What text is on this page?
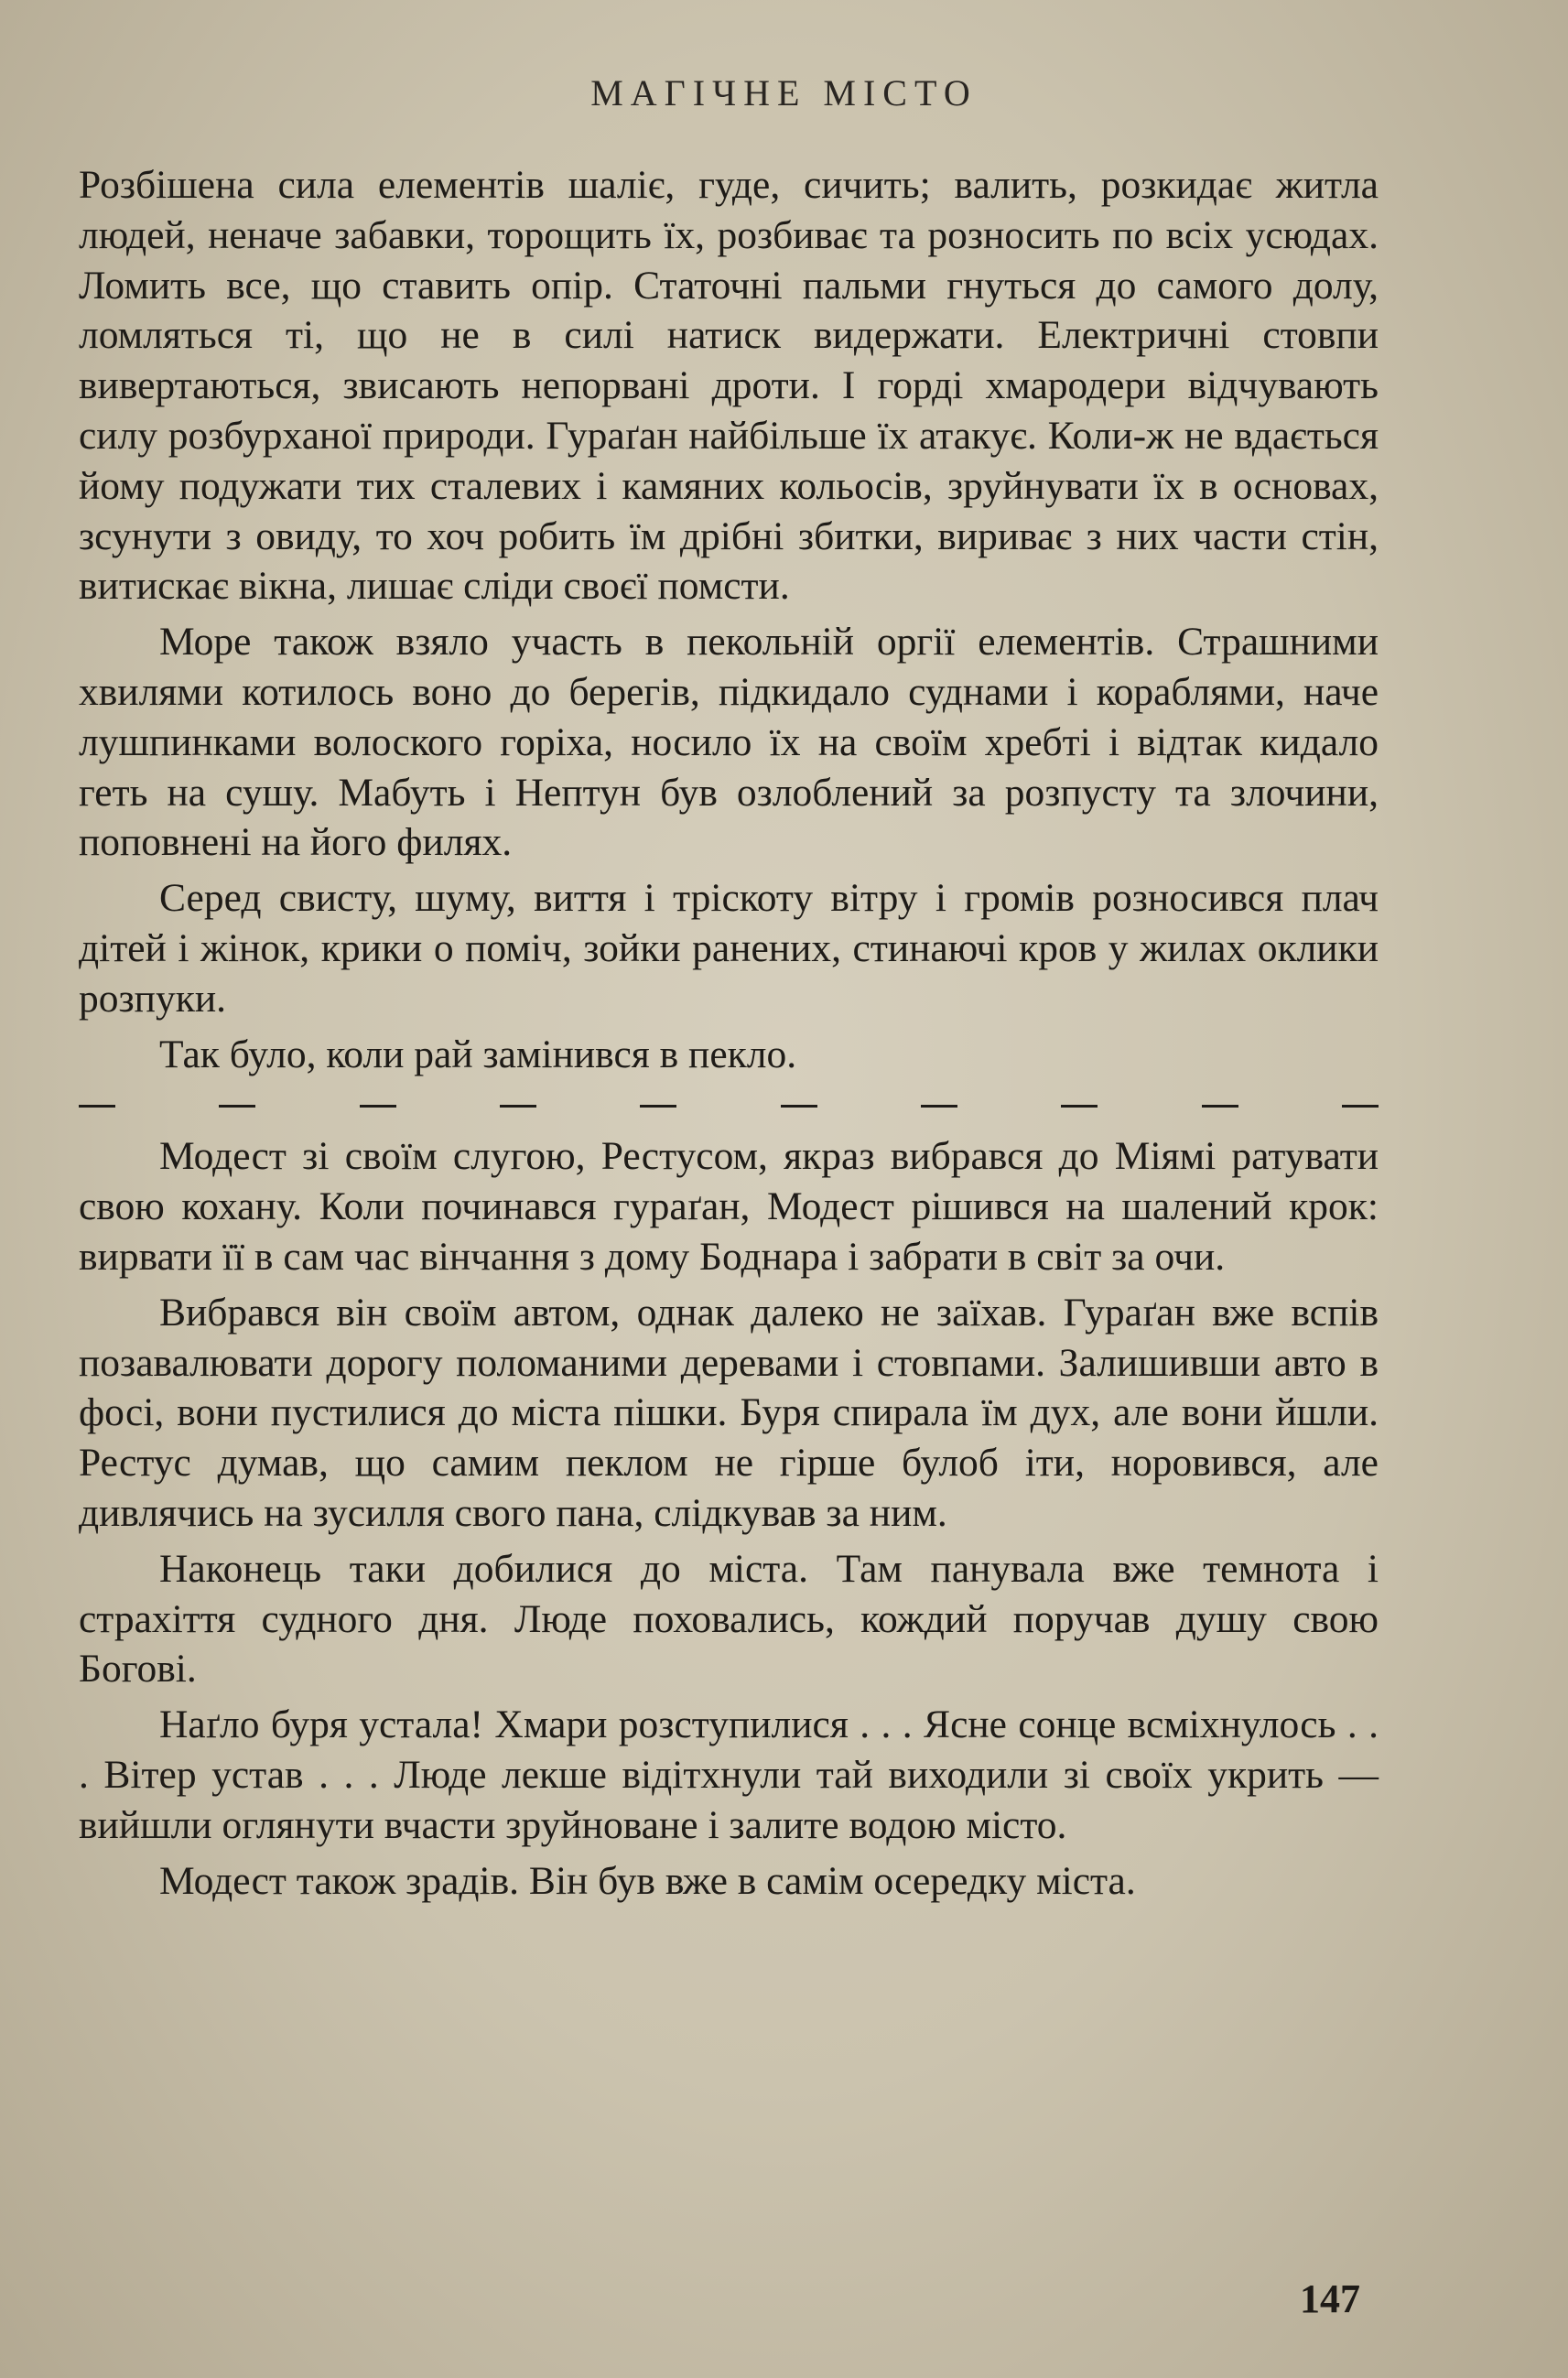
МАГІЧНЕ МІСТО

Розбішена сила елементів шаліє, гуде, сичить; валить, розкидає житла людей, неначе забавки, торощить їх, розбиває та розносить по всіх усюдах. Ломить все, що ставить опір. Статочні пальми гнуться до самого долу, ломляться ті, що не в силі натиск видержати. Електричні стовпи вивертаються, звисають непорвані дроти. І горді хмародери відчувають силу розбурханої природи. Гураґан найбільше їх атакує. Коли-ж не вдається йому подужати тих сталевих і камяних кольосів, зруйнувати їх в основах, зсунути з овиду, то хоч робить їм дрібні збитки, вириває з них части стін, витискає вікна, лишає сліди своєї помсти.

Море також взяло участь в пекольній оргії елементів. Страшними хвилями котилось воно до берегів, підкидало суднами і кораблями, наче лушпинками волоского горіха, носило їх на своїм хребті і відтак кидало геть на сушу. Мабуть і Нептун був озлоблений за розпусту та злочини, поповнені на його филях.

Серед свисту, шуму, виття і тріскоту вітру і громів розносився плач дітей і жінок, крики о поміч, зойки ранених, стинаючі кров у жилах оклики розпуки.

Так було, коли рай замінився в пекло.

Модест зі своїм слугою, Рестусом, якраз вибрався до Міямі ратувати свою кохану. Коли починався гураґан, Модест рішився на шалений крок: вирвати її в сам час вінчання з дому Боднара і забрати в світ за очи.

Вибрався він своїм автом, однак далеко не заїхав. Гураґан вже вспів позавалювати дорогу поломаними деревами і стовпами. Залишивши авто в фосі, вони пустилися до міста пішки. Буря спирала їм дух, але вони йшли. Рестус думав, що самим пеклом не гірше булоб іти, норовився, але дивлячись на зусилля свого пана, слідкував за ним.

Наконець таки добилися до міста. Там панувала вже темнота і страхіття судного дня. Люде поховались, кождий поручав душу свою Богові.

Наґло буря устала! Хмари розступилися . . . Ясне сонце всміхнулось . . . Вітер устав . . . Люде лекше відітхнули тай виходили зі своїх укрить — вийшли оглянути вчасти зруйноване і залите водою місто.

Модест також зрадів. Він був вже в самім осередку міста.

147
